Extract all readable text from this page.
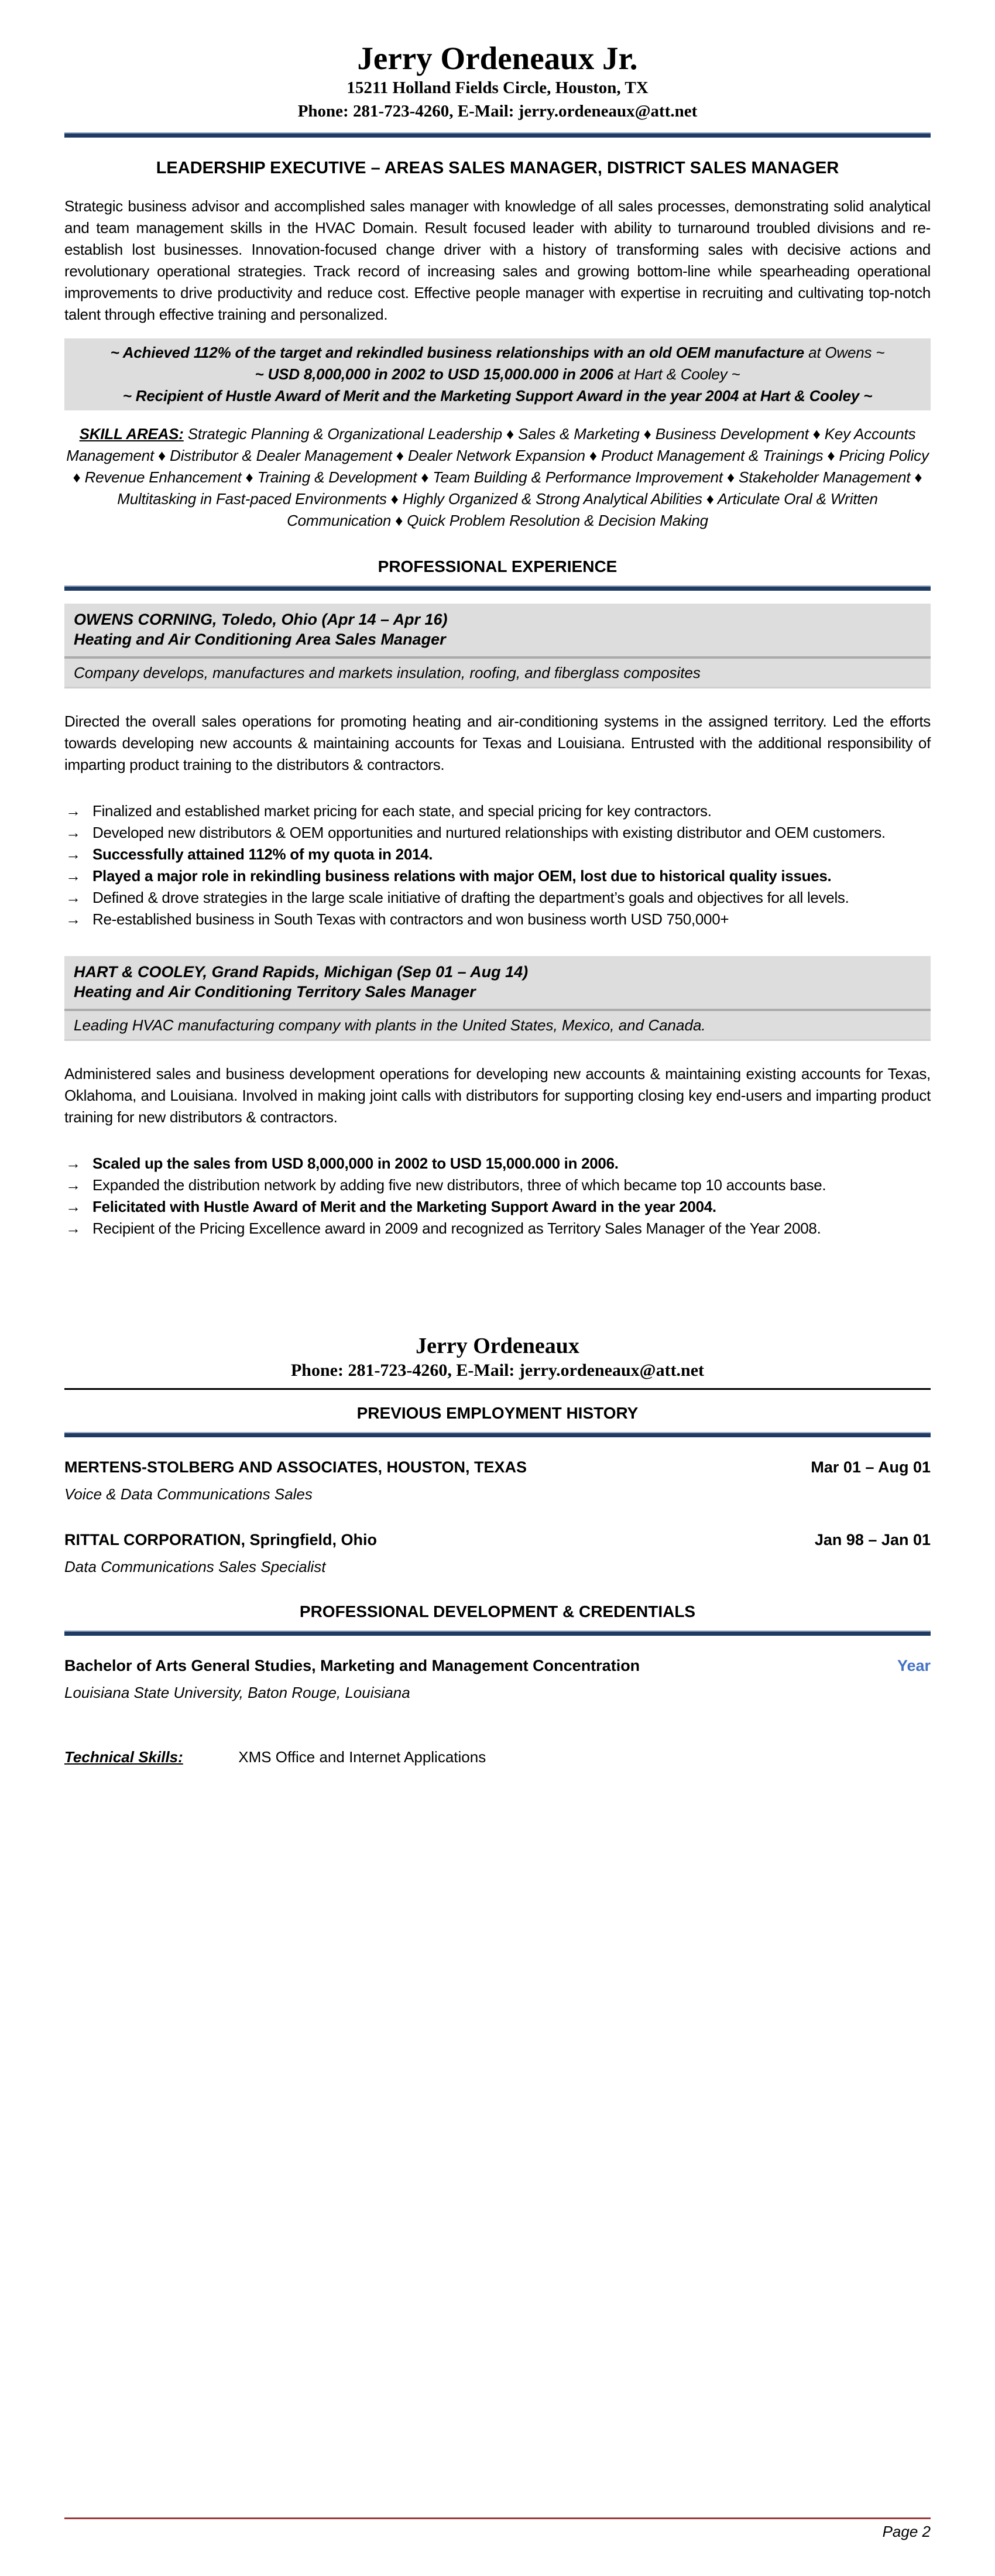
Jerry Ordeneaux Jr.
15211 Holland Fields Circle, Houston, TX
Phone: 281-723-4260, E-Mail: jerry.ordeneaux@att.net
LEADERSHIP EXECUTIVE – AREAS SALES MANAGER, DISTRICT SALES MANAGER

Strategic business advisor and accomplished sales manager with knowledge of all sales processes, demonstrating solid analytical and team management skills in the HVAC Domain. Result focused leader with ability to turnaround troubled divisions and re-establish lost businesses. Innovation-focused change driver with a history of transforming sales with decisive actions and revolutionary operational strategies. Track record of increasing sales and growing bottom-line while spearheading operational improvements to drive productivity and reduce cost. Effective people manager with expertise in recruiting and cultivating top-notch talent through effective training and personalized.

~ Achieved 112% of the target and rekindled business relationships with an old OEM manufacture at Owens ~
~ USD 8,000,000 in 2002 to USD 15,000.000 in 2006 at Hart & Cooley ~
~ Recipient of Hustle Award of Merit and the Marketing Support Award in the year 2004 at Hart & Cooley ~

SKILL AREAS: Strategic Planning & Organizational Leadership ♦ Sales & Marketing ♦ Business Development ♦ Key Accounts Management ♦ Distributor & Dealer Management ♦ Dealer Network Expansion ♦ Product Management & Trainings ♦ Pricing Policy ♦ Revenue Enhancement ♦ Training & Development ♦ Team Building & Performance Improvement ♦ Stakeholder Management ♦ Multitasking in Fast-paced Environments ♦ Highly Organized & Strong Analytical Abilities ♦ Articulate Oral & Written Communication ♦ Quick Problem Resolution & Decision Making

PROFESSIONAL EXPERIENCE
OWENS CORNING, Toledo, Ohio (Apr 14 – Apr 16)
Heating and Air Conditioning Area Sales Manager
Company develops, manufactures and markets insulation, roofing, and fiberglass composites

Directed the overall sales operations for promoting heating and air-conditioning systems in the assigned territory. Led the efforts towards developing new accounts & maintaining accounts for Texas and Louisiana. Entrusted with the additional responsibility of imparting product training to the distributors & contractors.

→ Finalized and established market pricing for each state, and special pricing for key contractors.
→ Developed new distributors & OEM opportunities and nurtured relationships with existing distributor and OEM customers.
→ Successfully attained 112% of my quota in 2014.
→ Played a major role in rekindling business relations with major OEM, lost due to historical quality issues.
→ Defined & drove strategies in the large scale initiative of drafting the department’s goals and objectives for all levels.
→ Re-established business in South Texas with contractors and won business worth USD 750,000+
HART & COOLEY, Grand Rapids, Michigan (Sep 01 – Aug 14)
Heating and Air Conditioning Territory Sales Manager
Leading HVAC manufacturing company with plants in the United States, Mexico, and Canada.

Administered sales and business development operations for developing new accounts & maintaining existing accounts for Texas, Oklahoma, and Louisiana. Involved in making joint calls with distributors for supporting closing key end-users and imparting product training for new distributors & contractors.

→ Scaled up the sales from USD 8,000,000 in 2002 to USD 15,000.000 in 2006.
→ Expanded the distribution network by adding five new distributors, three of which became top 10 accounts base.
→ Felicitated with Hustle Award of Merit and the Marketing Support Award in the year 2004.
→ Recipient of the Pricing Excellence award in 2009 and recognized as Territory Sales Manager of the Year 2008.
Jerry Ordeneaux
Phone: 281-723-4260, E-Mail: jerry.ordeneaux@att.net
PREVIOUS EMPLOYMENT HISTORY
MERTENS-STOLBERG AND ASSOCIATES, HOUSTON, TEXAS	Mar 01 – Aug 01
Voice & Data Communications Sales
RITTAL CORPORATION, Springfield, Ohio	Jan 98 – Jan 01
Data Communications Sales Specialist
PROFESSIONAL DEVELOPMENT & CREDENTIALS
Bachelor of Arts General Studies, Marketing and Management Concentration	Year
Louisiana State University, Baton Rouge, Louisiana
Technical Skills:	XMS Office and Internet Applications
Page 2
